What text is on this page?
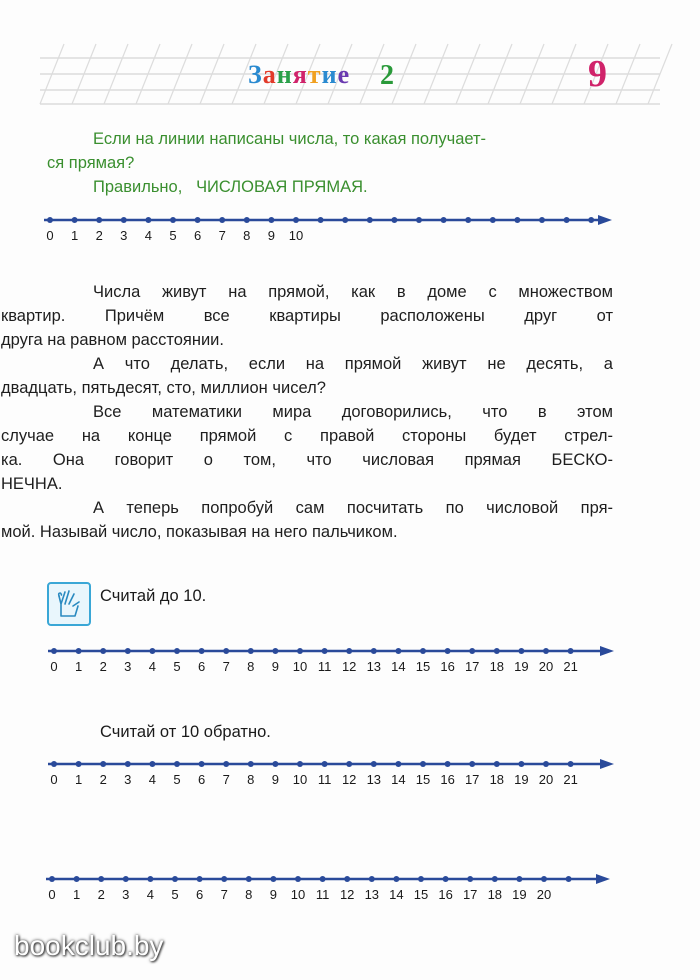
Занятие 2	9
Если на линии написаны числа, то какая получает-
ся прямая?
Правильно, ЧИСЛОВАЯ ПРЯМАЯ.
0 1 2 3 4 5 6 7 8 9 10
0 1 2 3 4 5 6 7 8 9 10 11 12 13 14 15 16 17 18 19 20 21
0 1 2 3 4 5 6 7 8 9 10 11 12 13 14 15 16 17 18 19 20 21
0 1 2 3 4 5 6 7 8 9 10 11 12 13 14 15 16 17 18 19 20

Числа живут на прямой, как в доме с множеством
квартир. Причём все квартиры расположены друг от
друга на равном расстоянии.

А что делать, если на прямой живут не десять, а
двадцать, пятьдесят, сто, миллион чисел?

Все математики мира договорились, что в этом
случае на конце прямой с правой стороны будет стрел-
ка. Она говорит о том, что числовая прямая БЕСКО-
НЕЧНА.

А теперь попробуй сам посчитать по числовой пря-
мой. Называй число, показывая на него пальчиком.

Считай до 10.
Считай от 10 обратно.
bookclub.by
